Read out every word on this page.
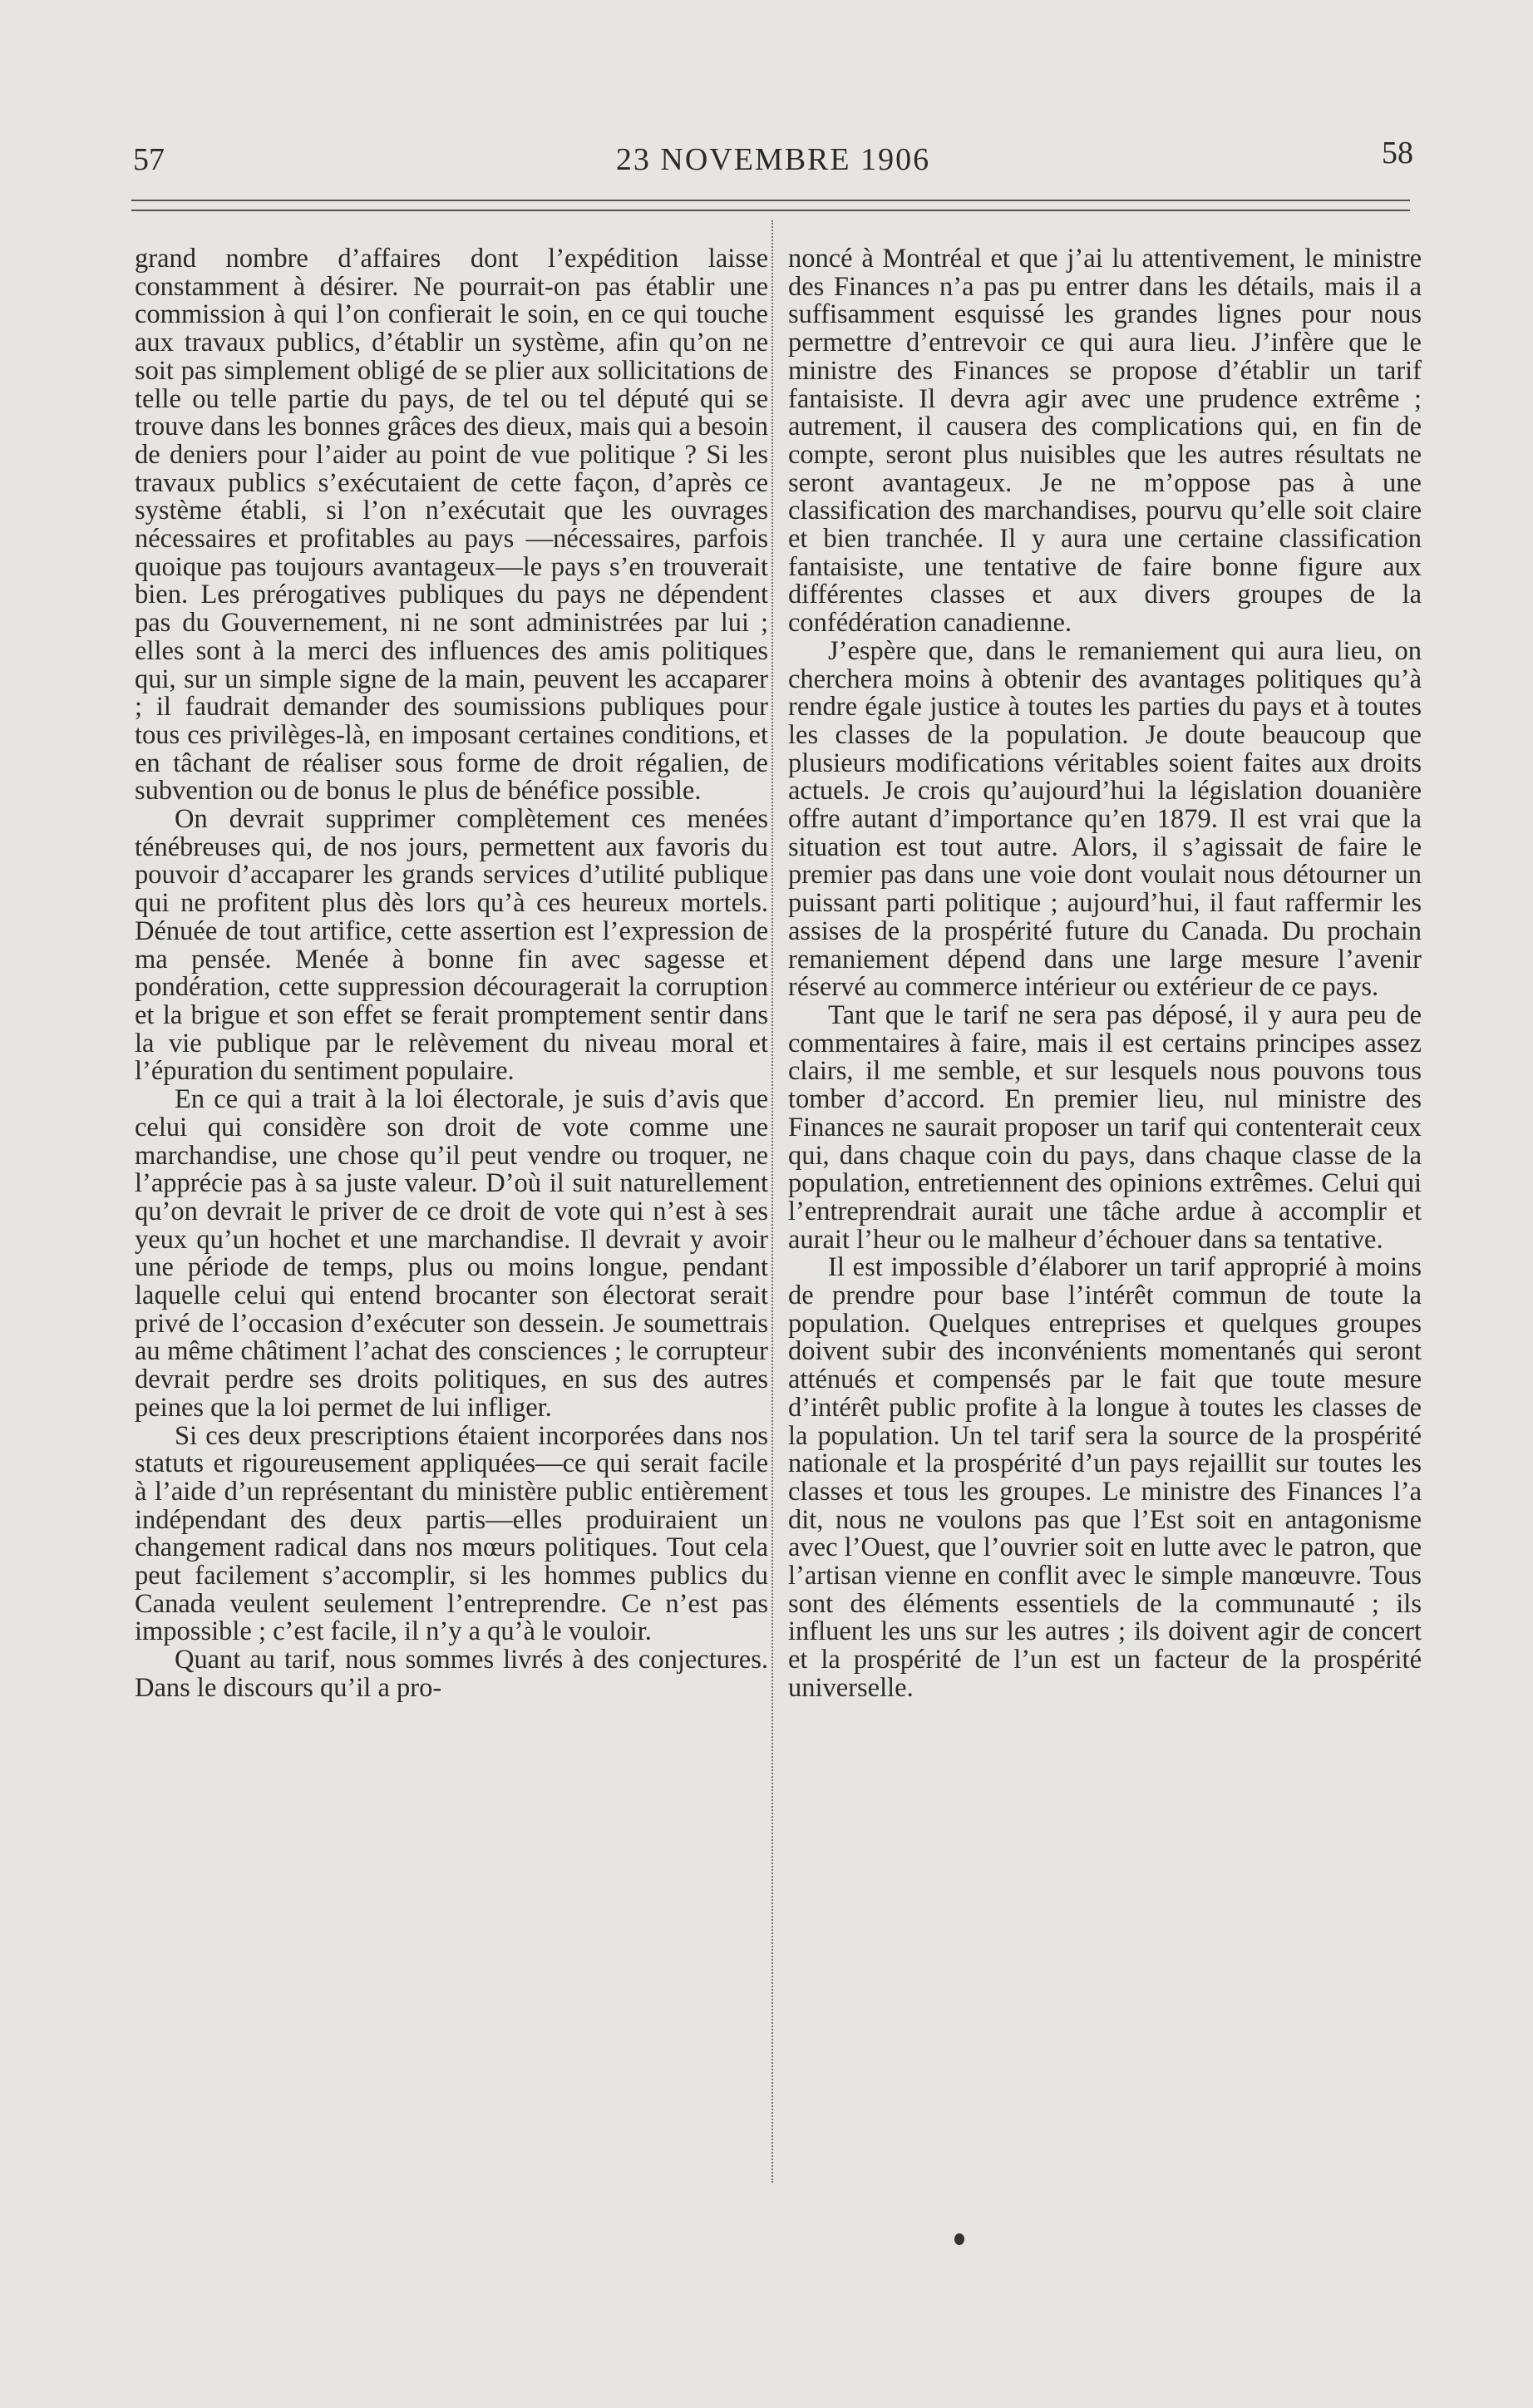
57	23 NOVEMBRE 1906	58

grand nombre d’affaires dont l’expédition laisse constamment à désirer. Ne pourrait-on pas établir une commission à qui l’on confierait le soin, en ce qui touche aux travaux publics, d’établir un système, afin qu’on ne soit pas simplement obligé de se plier aux sollicitations de telle ou telle partie du pays, de tel ou tel député qui se trouve dans les bonnes grâces des dieux, mais qui a besoin de deniers pour l’aider au point de vue politique ? Si les travaux publics s’exécutaient de cette façon, d’après ce système établi, si l’on n’exécutait que les ouvrages nécessaires et profitables au pays —nécessaires, parfois quoique pas toujours avantageux—le pays s’en trouverait bien. Les prérogatives publiques du pays ne dépendent pas du Gouvernement, ni ne sont administrées par lui ; elles sont à la merci des influences des amis politiques qui, sur un simple signe de la main, peuvent les accaparer ; il faudrait demander des soumissions publiques pour tous ces privilèges-là, en imposant certaines conditions, et en tâchant de réaliser sous forme de droit régalien, de subvention ou de bonus le plus de bénéfice possible.

On devrait supprimer complètement ces menées ténébreuses qui, de nos jours, permettent aux favoris du pouvoir d’accaparer les grands services d’utilité publique qui ne profitent plus dès lors qu’à ces heureux mortels. Dénuée de tout artifice, cette assertion est l’expression de ma pensée. Menée à bonne fin avec sagesse et pondération, cette suppression découragerait la corruption et la brigue et son effet se ferait promptement sentir dans la vie publique par le relèvement du niveau moral et l’épuration du sentiment populaire.

En ce qui a trait à la loi électorale, je suis d’avis que celui qui considère son droit de vote comme une marchandise, une chose qu’il peut vendre ou troquer, ne l’apprécie pas à sa juste valeur. D’où il suit naturellement qu’on devrait le priver de ce droit de vote qui n’est à ses yeux qu’un hochet et une marchandise. Il devrait y avoir une période de temps, plus ou moins longue, pendant laquelle celui qui entend brocanter son électorat serait privé de l’occasion d’exécuter son dessein. Je soumettrais au même châtiment l’achat des consciences ; le corrupteur devrait perdre ses droits politiques, en sus des autres peines que la loi permet de lui infliger.

Si ces deux prescriptions étaient incorporées dans nos statuts et rigoureusement appliquées—ce qui serait facile à l’aide d’un représentant du ministère public entièrement indépendant des deux partis—elles produiraient un changement radical dans nos mœurs politiques. Tout cela peut facilement s’accomplir, si les hommes publics du Canada veulent seulement l’entreprendre. Ce n’est pas impossible ; c’est facile, il n’y a qu’à le vouloir.

Quant au tarif, nous sommes livrés à des conjectures. Dans le discours qu’il a pro-

noncé à Montréal et que j’ai lu attentivement, le ministre des Finances n’a pas pu entrer dans les détails, mais il a suffisamment esquissé les grandes lignes pour nous permettre d’entrevoir ce qui aura lieu. J’infère que le ministre des Finances se propose d’établir un tarif fantaisiste. Il devra agir avec une prudence extrême ; autrement, il causera des complications qui, en fin de compte, seront plus nuisibles que les autres résultats ne seront avantageux. Je ne m’oppose pas à une classification des marchandises, pourvu qu’elle soit claire et bien tranchée. Il y aura une certaine classification fantaisiste, une tentative de faire bonne figure aux différentes classes et aux divers groupes de la confédération canadienne.

J’espère que, dans le remaniement qui aura lieu, on cherchera moins à obtenir des avantages politiques qu’à rendre égale justice à toutes les parties du pays et à toutes les classes de la population. Je doute beaucoup que plusieurs modifications véritables soient faites aux droits actuels. Je crois qu’aujourd’hui la législation douanière offre autant d’importance qu’en 1879. Il est vrai que la situation est tout autre. Alors, il s’agissait de faire le premier pas dans une voie dont voulait nous détourner un puissant parti politique ; aujourd’hui, il faut raffermir les assises de la prospérité future du Canada. Du prochain remaniement dépend dans une large mesure l’avenir réservé au commerce intérieur ou extérieur de ce pays.

Tant que le tarif ne sera pas déposé, il y aura peu de commentaires à faire, mais il est certains principes assez clairs, il me semble, et sur lesquels nous pouvons tous tomber d’accord. En premier lieu, nul ministre des Finances ne saurait proposer un tarif qui contenterait ceux qui, dans chaque coin du pays, dans chaque classe de la population, entretiennent des opinions extrêmes. Celui qui l’entreprendrait aurait une tâche ardue à accomplir et aurait l’heur ou le malheur d’échouer dans sa tentative.

Il est impossible d’élaborer un tarif approprié à moins de prendre pour base l’intérêt commun de toute la population. Quelques entreprises et quelques groupes doivent subir des inconvénients momentanés qui seront atténués et compensés par le fait que toute mesure d’intérêt public profite à la longue à toutes les classes de la population. Un tel tarif sera la source de la prospérité nationale et la prospérité d’un pays rejaillit sur toutes les classes et tous les groupes. Le ministre des Finances l’a dit, nous ne voulons pas que l’Est soit en antagonisme avec l’Ouest, que l’ouvrier soit en lutte avec le patron, que l’artisan vienne en conflit avec le simple manœuvre. Tous sont des éléments essentiels de la communauté ; ils influent les uns sur les autres ; ils doivent agir de concert et la prospérité de l’un est un facteur de la prospérité universelle.
